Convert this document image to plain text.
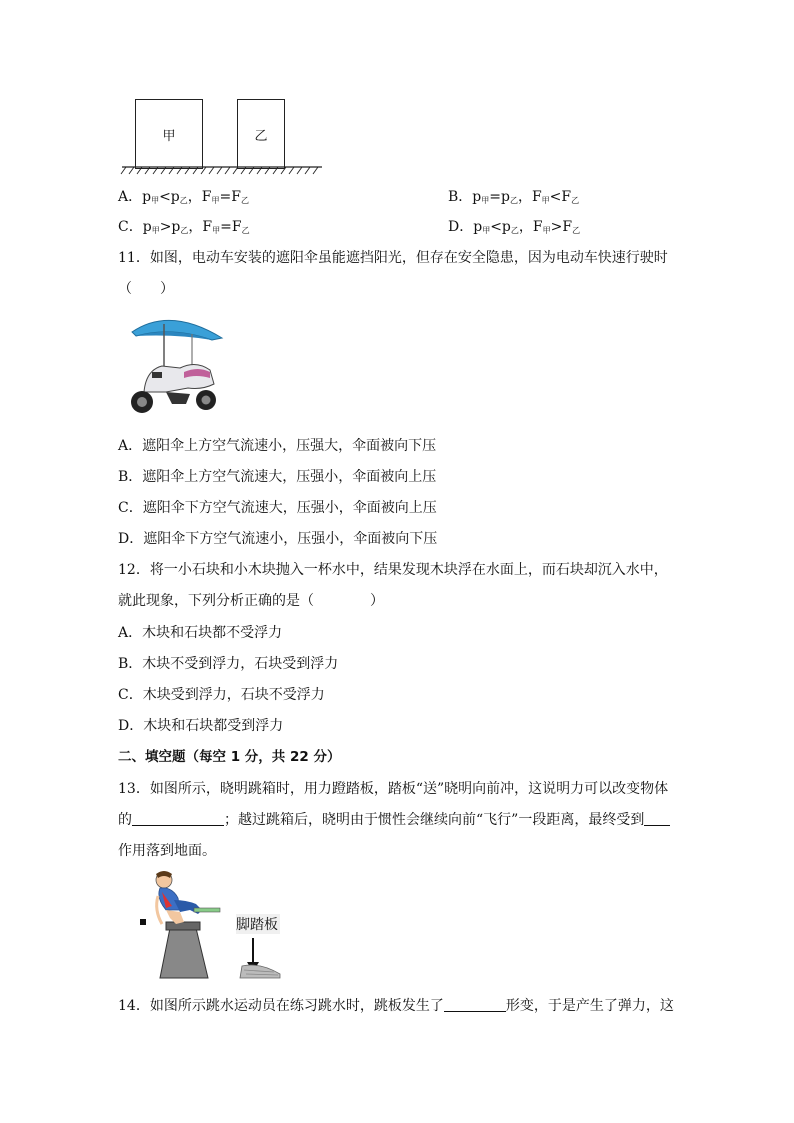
甲	乙
A．$p_甲<p_乙$，$F_甲=F_乙$	B．$p_甲=p_乙$，$F_甲<F_乙$
C．$p_甲>p_乙$，$F_甲=F_乙$	D．$p_甲<p_乙$，$F_甲>F_乙$
11．如图，电动车安装的遮阳伞虽能遮挡阳光，但存在安全隐患，因为电动车快速行驶时
（　　）
A．遮阳伞上方空气流速小，压强大，伞面被向下压
B．遮阳伞上方空气流速大，压强小，伞面被向上压
C．遮阳伞下方空气流速大，压强小，伞面被向上压
D．遮阳伞下方空气流速小，压强小，伞面被向下压
12．将一小石块和小木块抛入一杯水中，结果发现木块浮在水面上，而石块却沉入水中，
就此现象，下列分析正确的是（　　　　）
A．木块和石块都不受浮力
B．木块不受到浮力，石块受到浮力
C．木块受到浮力，石块不受浮力
D．木块和石块都受到浮力
二、填空题（每空 1 分，共 22 分）
13．如图所示，晓明跳箱时，用力蹬踏板，踏板“送”晓明向前冲，这说明力可以改变物体
的	；越过跳箱后，晓明由于惯性会继续向前“飞行”一段距离，最终受到
作用落到地面。
脚踏板
14．如图所示跳水运动员在练习跳水时，跳板发生了	形变，于是产生了弹力，这
